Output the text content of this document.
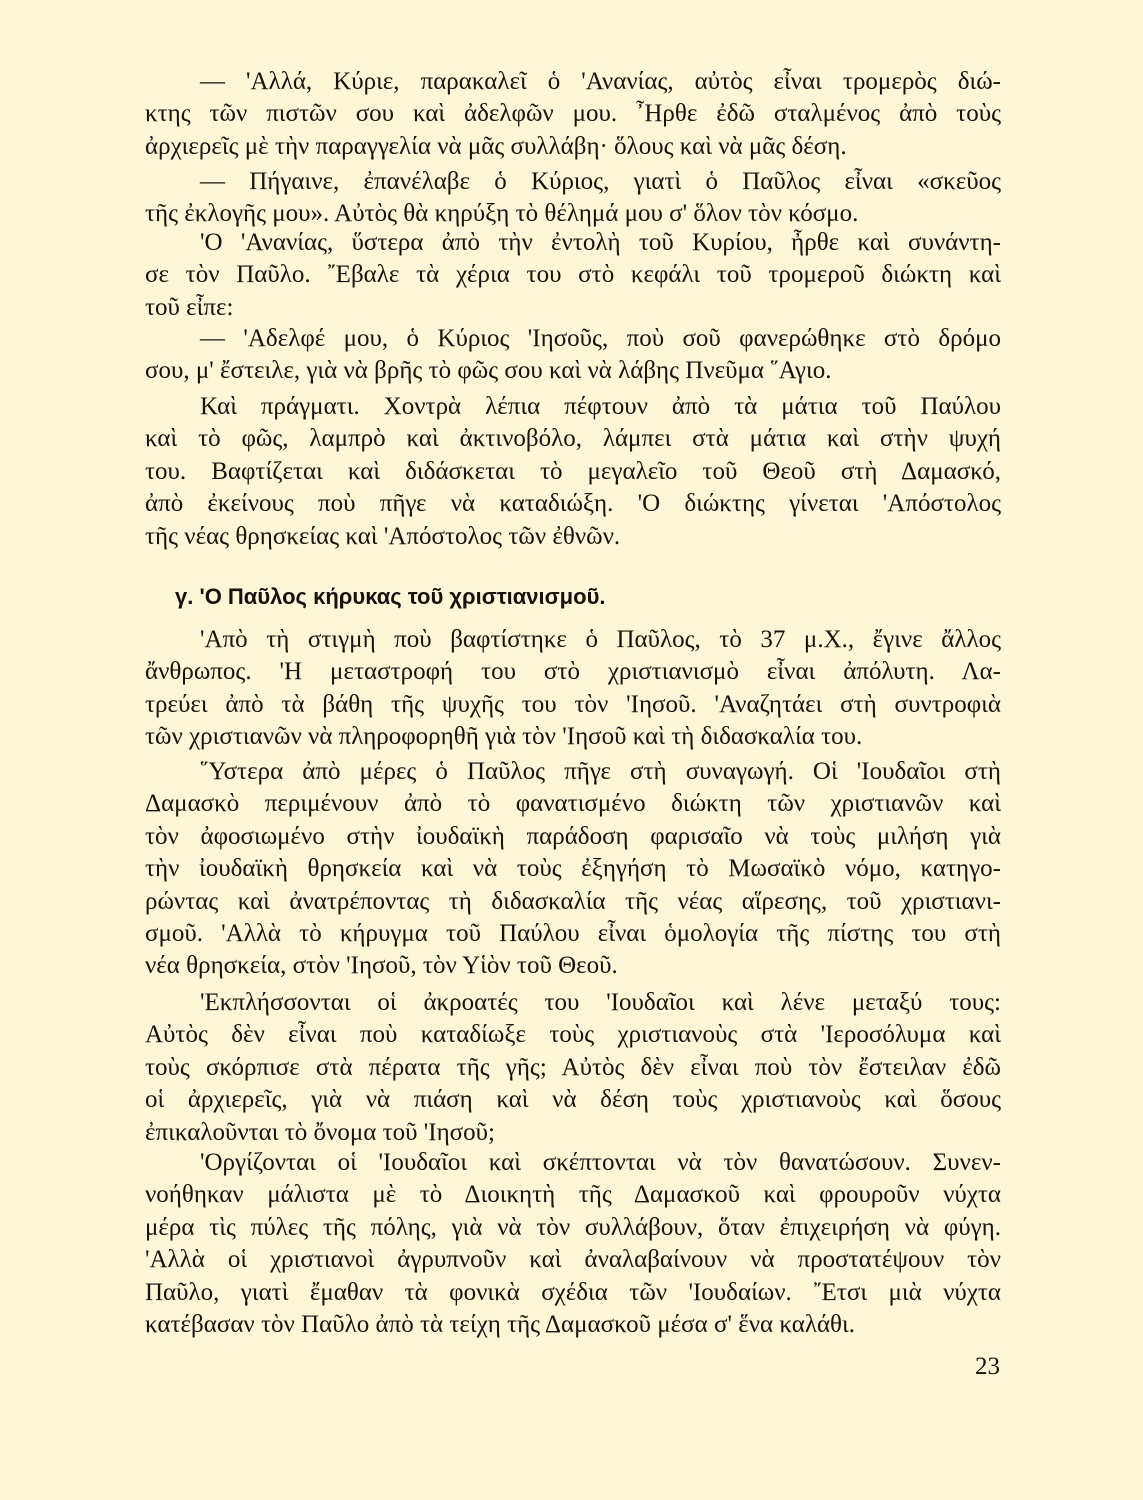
— 'Αλλά, Κύριε, παρακαλεῖ ὁ 'Ανανίας, αὐτὸς εἶναι τρομερὸς διώ-
κτης τῶν πιστῶν σου καὶ ἀδελφῶν μου. ῏Ηρθε ἐδῶ σταλμένος ἀπὸ τοὺς
ἀρχιερεῖς μὲ τὴν παραγγελία νὰ μᾶς συλλάβη· ὅλους καὶ νὰ μᾶς δέση.
— Πήγαινε, ἐπανέλαβε ὁ Κύριος, γιατὶ ὁ Παῦλος εἶναι «σκεῦος
τῆς ἐκλογῆς μου». Αὐτὸς θὰ κηρύξη τὸ θέλημά μου σ' ὅλον τὸν κόσμο.
'Ο 'Ανανίας, ὕστερα ἀπὸ τὴν ἐντολὴ τοῦ Κυρίου, ἦρθε καὶ συνάντη-
σε τὸν Παῦλο. ῎Εβαλε τὰ χέρια του στὸ κεφάλι τοῦ τρομεροῦ διώκτη καὶ
τοῦ εἶπε:
— 'Αδελφέ μου, ὁ Κύριος 'Ιησοῦς, ποὺ σοῦ φανερώθηκε στὸ δρόμο
σου, μ' ἔστειλε, γιὰ νὰ βρῆς τὸ φῶς σου καὶ νὰ λάβης Πνεῦμα ῞Αγιο.
Καὶ πράγματι. Χοντρὰ λέπια πέφτουν ἀπὸ τὰ μάτια τοῦ Παύλου
καὶ τὸ φῶς, λαμπρὸ καὶ ἀκτινοβόλο, λάμπει στὰ μάτια καὶ στὴν ψυχή
του. Βαφτίζεται καὶ διδάσκεται τὸ μεγαλεῖο τοῦ Θεοῦ στὴ Δαμασκό,
ἀπὸ ἐκείνους ποὺ πῆγε νὰ καταδιώξη. 'Ο διώκτης γίνεται 'Απόστολος
τῆς νέας θρησκείας καὶ 'Απόστολος τῶν ἐθνῶν.
γ. 'Ο Παῦλος κήρυκας τοῦ χριστιανισμοῦ.
'Απὸ τὴ στιγμὴ ποὺ βαφτίστηκε ὁ Παῦλος, τὸ 37 μ.Χ., ἔγινε ἄλλος
ἄνθρωπος. 'Η μεταστροφή του στὸ χριστιανισμὸ εἶναι ἀπόλυτη. Λα-
τρεύει ἀπὸ τὰ βάθη τῆς ψυχῆς του τὸν 'Ιησοῦ. 'Αναζητάει στὴ συντροφιὰ
τῶν χριστιανῶν νὰ πληροφορηθῆ γιὰ τὸν 'Ιησοῦ καὶ τὴ διδασκαλία του.
῞Υστερα ἀπὸ μέρες ὁ Παῦλος πῆγε στὴ συναγωγή. Οἱ 'Ιουδαῖοι στὴ
Δαμασκὸ περιμένουν ἀπὸ τὸ φανατισμένο διώκτη τῶν χριστιανῶν καὶ
τὸν ἀφοσιωμένο στὴν ἰουδαϊκὴ παράδοση φαρισαῖο νὰ τοὺς μιλήση γιὰ
τὴν ἰουδαϊκὴ θρησκεία καὶ νὰ τοὺς ἐξηγήση τὸ Μωσαϊκὸ νόμο, κατηγο-
ρώντας καὶ ἀνατρέποντας τὴ διδασκαλία τῆς νέας αἵρεσης, τοῦ χριστιανι-
σμοῦ. 'Αλλὰ τὸ κήρυγμα τοῦ Παύλου εἶναι ὁμολογία τῆς πίστης του στὴ
νέα θρησκεία, στὸν 'Ιησοῦ, τὸν Υἱὸν τοῦ Θεοῦ.
'Εκπλήσσονται οἱ ἀκροατές του 'Ιουδαῖοι καὶ λένε μεταξύ τους:
Αὐτὸς δὲν εἶναι ποὺ καταδίωξε τοὺς χριστιανοὺς στὰ 'Ιεροσόλυμα καὶ
τοὺς σκόρπισε στὰ πέρατα τῆς γῆς; Αὐτὸς δὲν εἶναι ποὺ τὸν ἔστειλαν ἐδῶ
οἱ ἀρχιερεῖς, γιὰ νὰ πιάση καὶ νὰ δέση τοὺς χριστιανοὺς καὶ ὅσους
ἐπικαλοῦνται τὸ ὄνομα τοῦ 'Ιησοῦ;
'Οργίζονται οἱ 'Ιουδαῖοι καὶ σκέπτονται νὰ τὸν θανατώσουν. Συνεν-
νοήθηκαν μάλιστα μὲ τὸ Διοικητὴ τῆς Δαμασκοῦ καὶ φρουροῦν νύχτα
μέρα τὶς πύλες τῆς πόλης, γιὰ νὰ τὸν συλλάβουν, ὅταν ἐπιχειρήση νὰ φύγη.
'Αλλὰ οἱ χριστιανοὶ ἀγρυπνοῦν καὶ ἀναλαβαίνουν νὰ προστατέψουν τὸν
Παῦλο, γιατὶ ἔμαθαν τὰ φονικὰ σχέδια τῶν 'Ιουδαίων. ῎Ετσι μιὰ νύχτα
κατέβασαν τὸν Παῦλο ἀπὸ τὰ τείχη τῆς Δαμασκοῦ μέσα σ' ἕνα καλάθι.
23
